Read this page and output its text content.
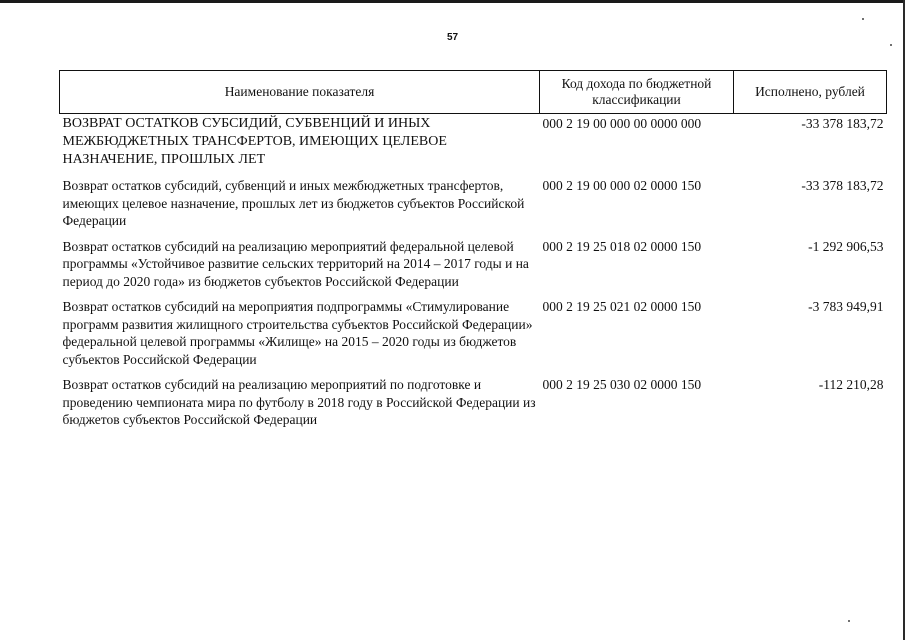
57
Наименование показателя	Код дохода по бюджетной классификации	Исполнено, рублей
ВОЗВРАТ ОСТАТКОВ СУБСИДИЙ, СУБВЕНЦИЙ И ИНЫХ МЕЖБЮДЖЕТНЫХ ТРАНСФЕРТОВ, ИМЕЮЩИХ ЦЕЛЕВОЕ НАЗНАЧЕНИЕ, ПРОШЛЫХ ЛЕТ	000 2 19 00 000 00 0000 000	-33 378 183,72
Возврат остатков субсидий, субвенций и иных межбюджетных трансфертов, имеющих целевое назначение, прошлых лет из бюджетов субъектов Российской Федерации	000 2 19 00 000 02 0000 150	-33 378 183,72
Возврат остатков субсидий на реализацию мероприятий федеральной целевой программы «Устойчивое развитие сельских территорий на 2014 – 2017 годы и на период до 2020 года» из бюджетов субъектов Российской Федерации	000 2 19 25 018 02 0000 150	-1 292 906,53
Возврат остатков субсидий на мероприятия подпрограммы «Стимулирование программ развития жилищного строительства субъектов Российской Федерации» федеральной целевой программы «Жилище» на 2015 – 2020 годы из бюджетов субъектов Российской Федерации	000 2 19 25 021 02 0000 150	-3 783 949,91
Возврат остатков субсидий на реализацию мероприятий по подготовке и проведению чемпионата мира по футболу в 2018 году в Российской Федерации из бюджетов субъектов Российской Федерации	000 2 19 25 030 02 0000 150	-112 210,28
